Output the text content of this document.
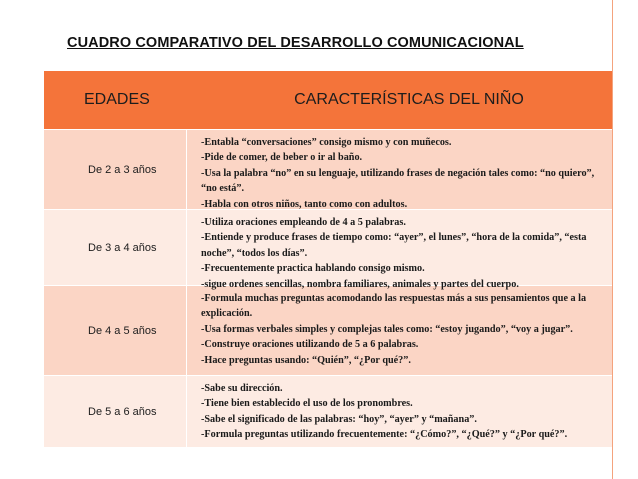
CUADRO COMPARATIVO DEL DESARROLLO COMUNICACIONAL
EDADES	CARACTERÍSTICAS DEL NIÑO
De 2 a 3 años
-Entabla “conversaciones” consigo mismo y con muñecos.
-Pide de comer, de beber o ir al baño.
-Usa la palabra “no” en su lenguaje, utilizando frases de negación tales como: “no quiero”, “no está”.
-Habla con otros niños, tanto como con adultos.
De 3 a 4 años
-Utiliza oraciones empleando de 4 a 5 palabras.
-Entiende y produce frases de tiempo como: “ayer”, el lunes”, “hora de la comida”, “esta noche”, “todos los días”.
-Frecuentemente practica hablando consigo mismo.
-sigue ordenes sencillas, nombra familiares, animales y partes del cuerpo.
De 4 a 5 años
-Formula muchas preguntas acomodando las respuestas más a sus pensamientos que a la explicación.
-Usa formas verbales simples y complejas tales como: “estoy jugando”, “voy a jugar”.
-Construye oraciones utilizando de 5 a 6 palabras.
-Hace preguntas usando: “Quién”, “¿Por qué?”.
De 5 a 6 años
-Sabe su dirección.
-Tiene bien establecido el uso de los pronombres.
-Sabe el significado de las palabras: “hoy”, “ayer” y “mañana”.
-Formula preguntas utilizando frecuentemente: “¿Cómo?”, “¿Qué?” y “¿Por qué?”.
